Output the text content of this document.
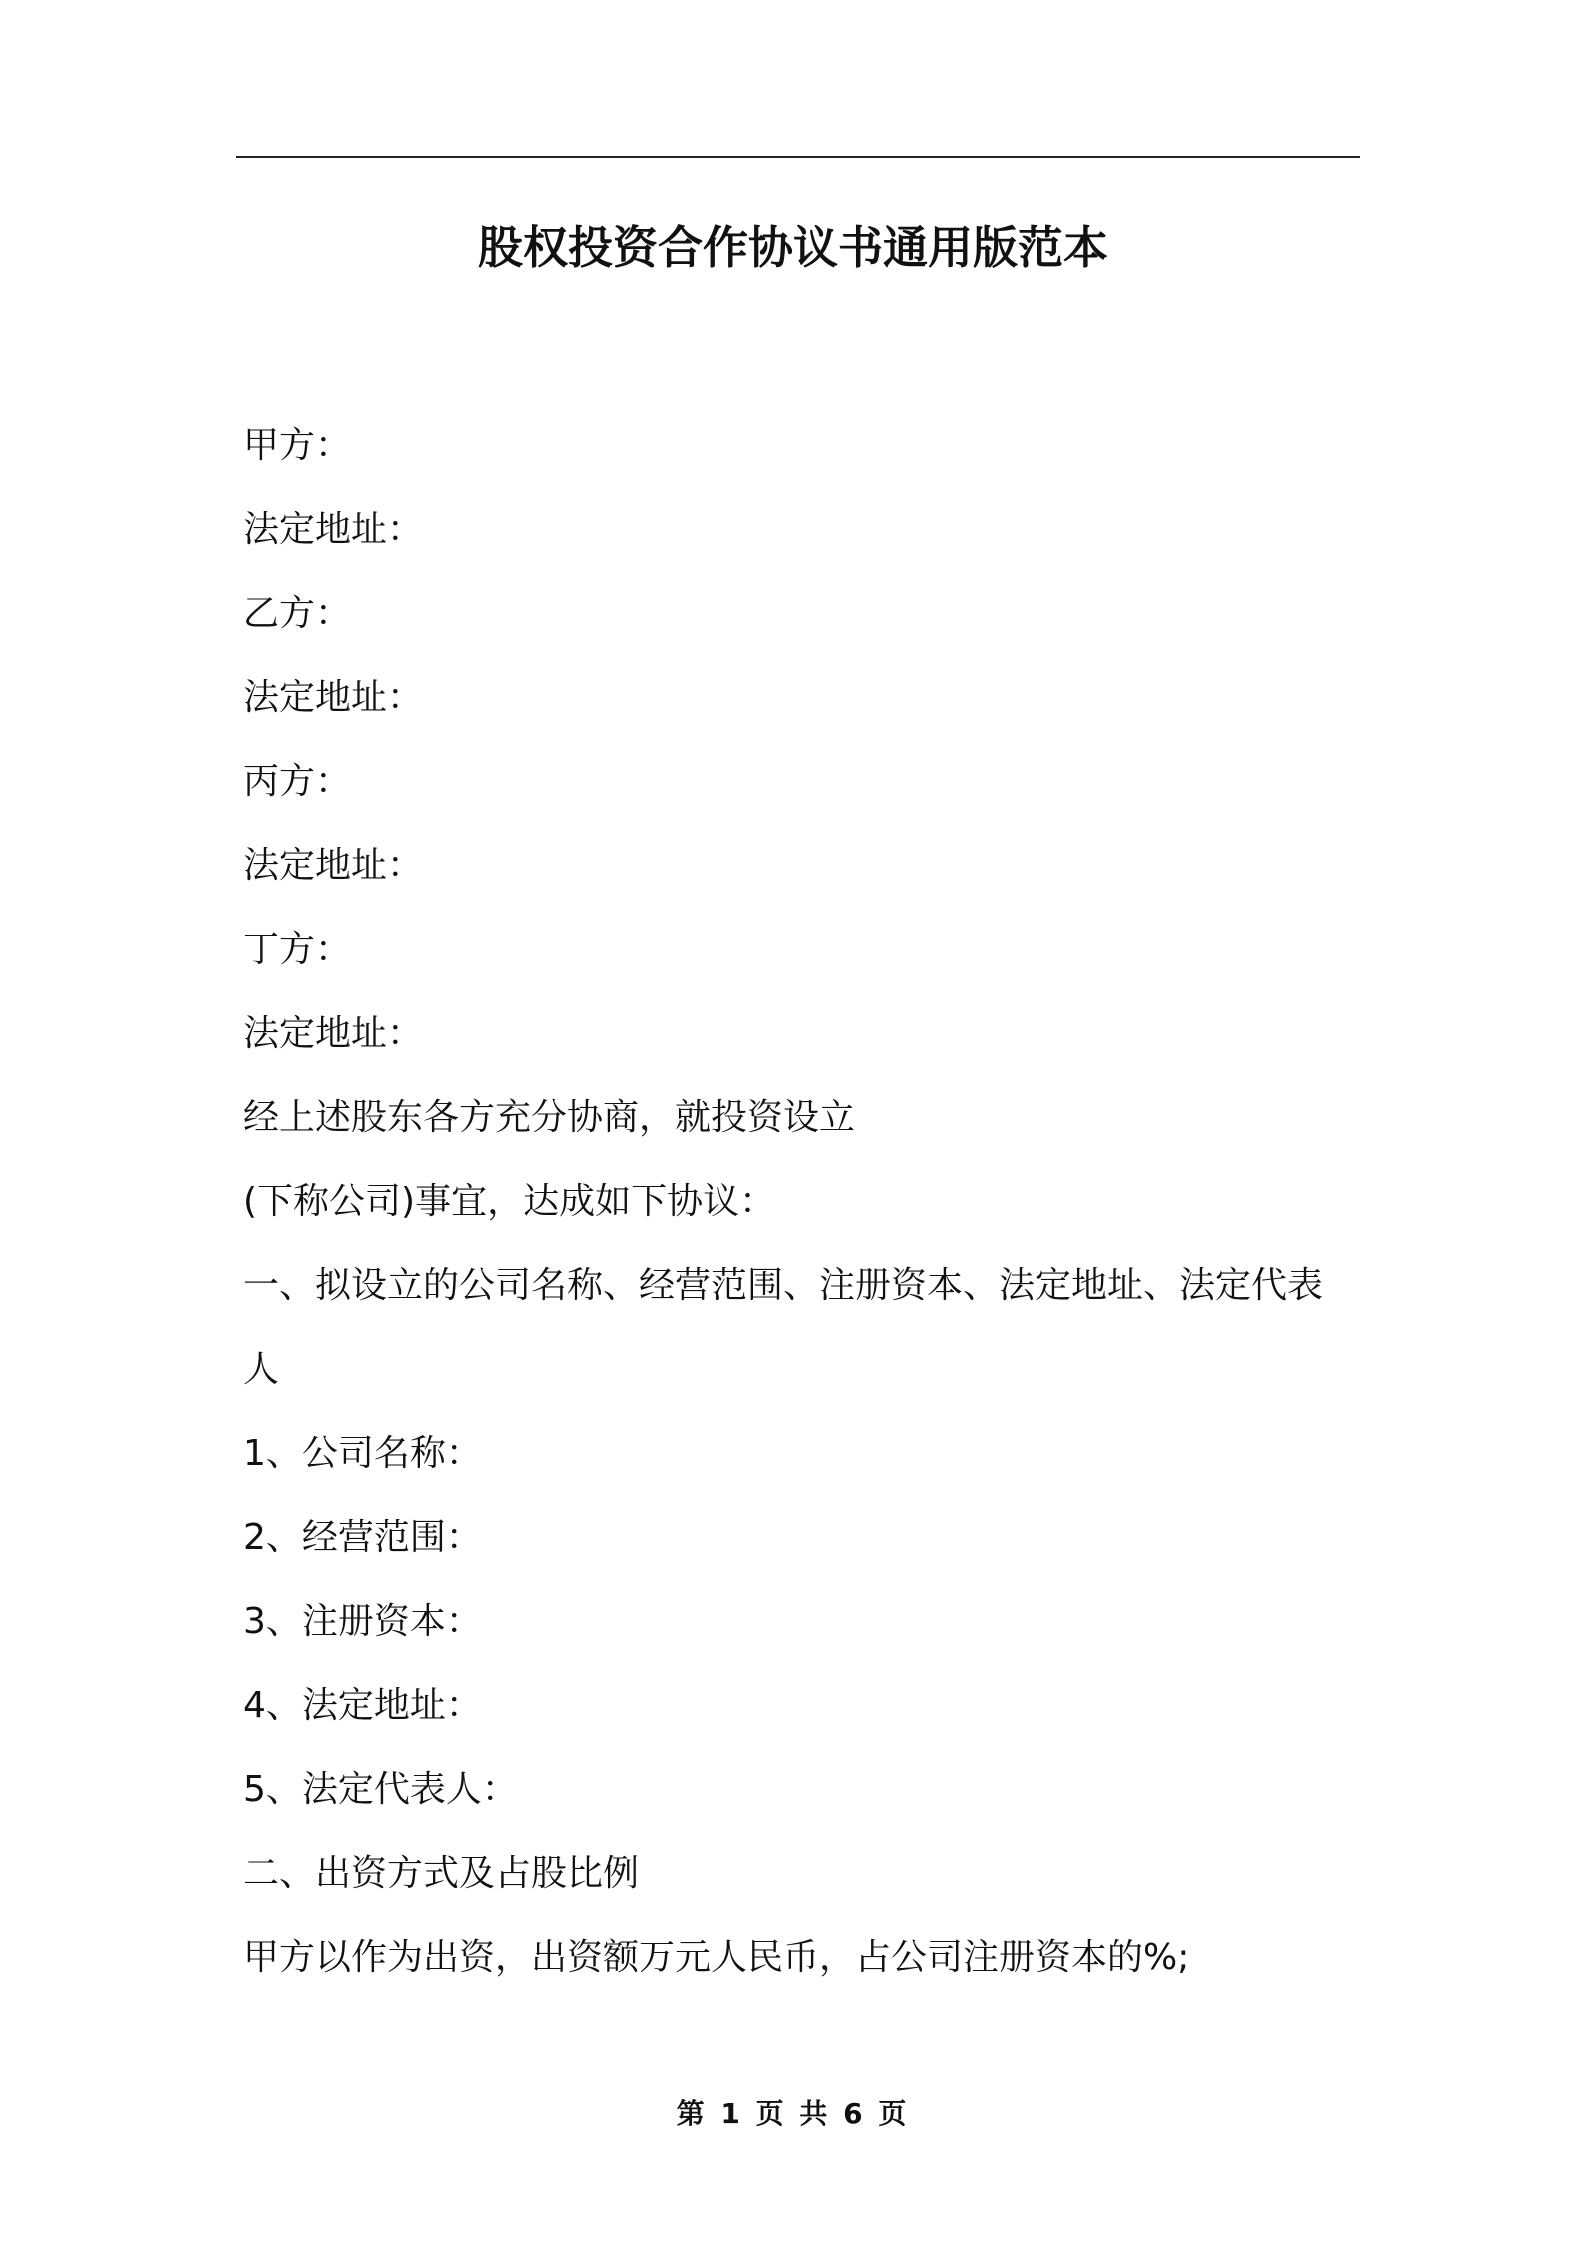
股权投资合作协议书通用版范本
甲方：
法定地址：
乙方：
法定地址：
丙方：
法定地址：
丁方：
法定地址：
经上述股东各方充分协商，就投资设立
(下称公司)事宜，达成如下协议：
一、拟设立的公司名称、经营范围、注册资本、法定地址、法定代表
人
1、公司名称：
2、经营范围：
3、注册资本：
4、法定地址：
5、法定代表人：
二、出资方式及占股比例
甲方以作为出资，出资额万元人民币，占公司注册资本的%;
第 1 页 共 6 页
